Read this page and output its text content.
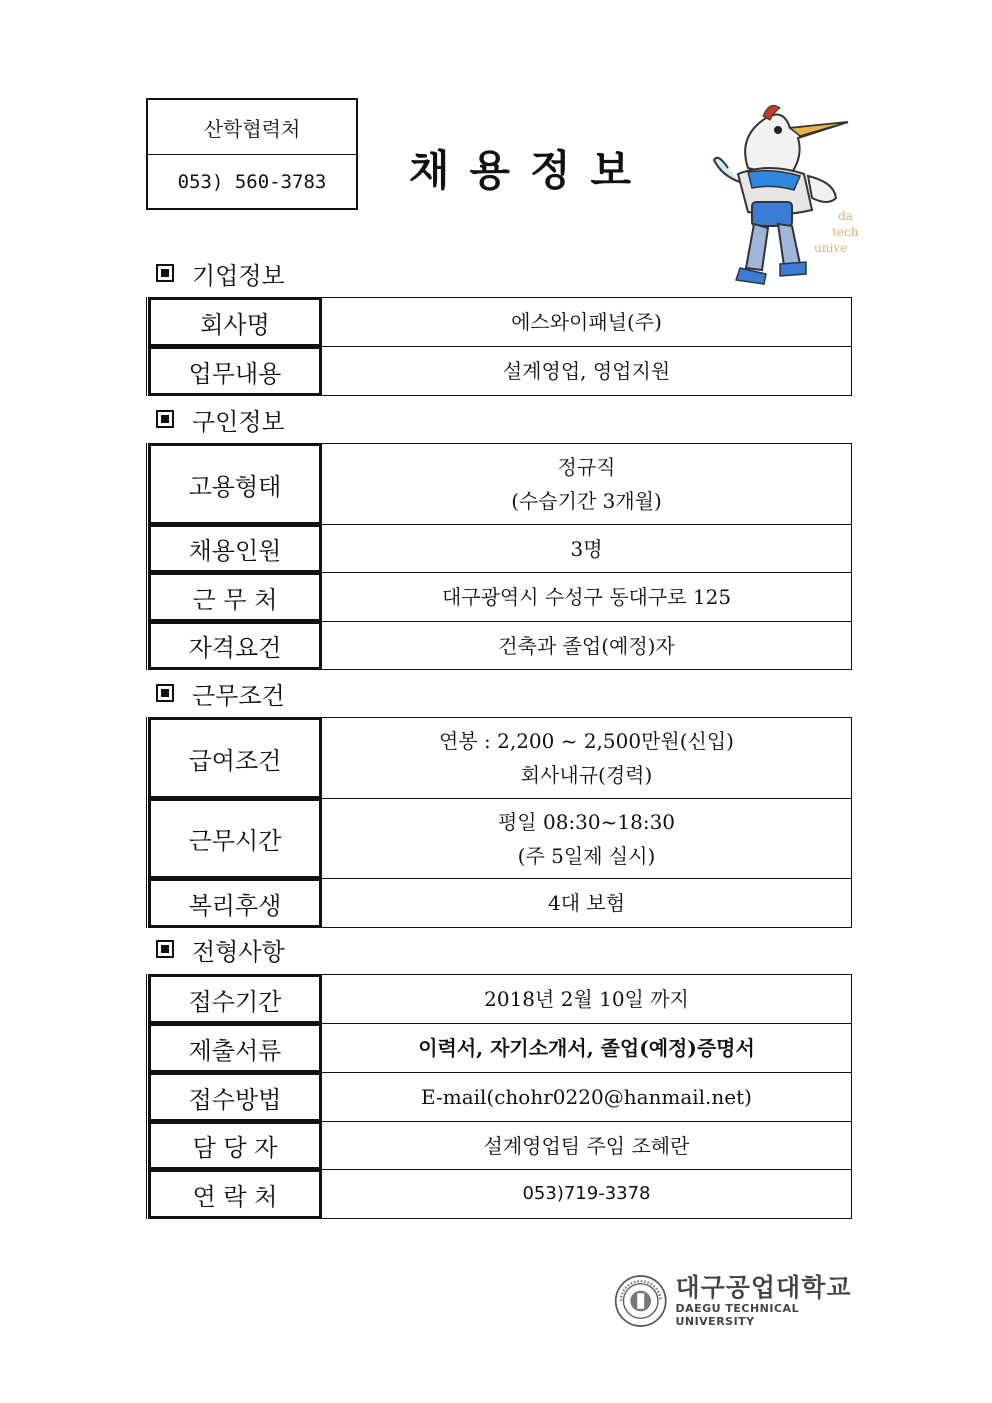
산학협력처
053) 560-3783	채용정보
da
tech
unive
기업정보
회사명	에스와이패널(주)
업무내용	설계영업, 영업지원
구인정보
고용형태	정규직
(수습기간 3개월)

채용인원	3명
근 무 처	대구광역시 수성구 동대구로 125
자격요건	건축과 졸업(예정)자
근무조건
급여조건	연봉 : 2,200 ~ 2,500만원(신입)
회사내규(경력)

근무시간	평일 08:30~18:30
(주 5일제 실시)

복리후생	4대 보험
전형사항
접수기간	2018년 2월 10일 까지
제출서류	이력서, 자기소개서, 졸업(예정)증명서
접수방법	E-mail(chohr0220@hanmail.net)
담 당 자	설계영업팀 주임 조혜란
연 락 처	053)719-3378
대구공업대학교
DAEGU TECHNICAL UNIVERSITY
